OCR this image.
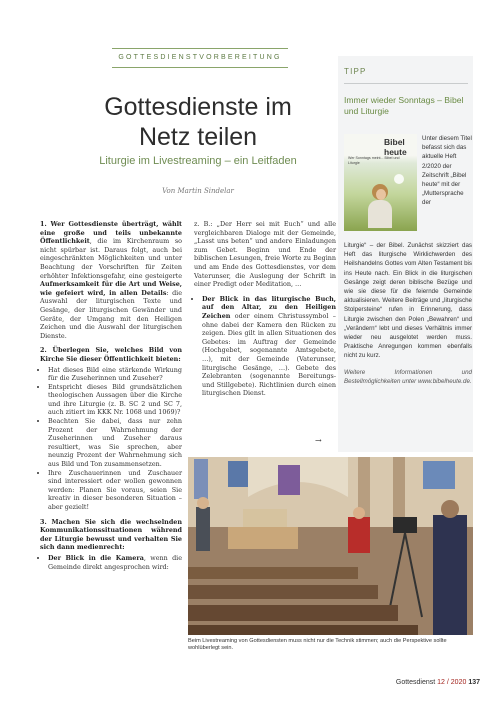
GOTTESDIENSTVORBEREITUNG
Gottesdienste im
Netz teilen
Liturgie im Livestreaming – ein Leitfaden
Von Martin Sindelar

1. Wer Gottesdienste überträgt, wählt eine große und teils unbekannte Öffentlichkeit, die im Kirchenraum so nicht spürbar ist. Daraus folgt, auch bei eingeschränkten Möglichkeiten und unter Beachtung der Vorschriften für Zeiten erhöhter Infektionsgefahr, eine gesteigerte Aufmerksamkeit für die Art und Weise, wie gefeiert wird, in allen Details: die Auswahl der liturgischen Texte und Gesänge, der liturgischen Gewänder und Geräte, der Umgang mit den Heiligen Zeichen und die Auswahl der liturgischen Dienste.

2. Überlegen Sie, welches Bild von Kirche Sie dieser Öffentlichkeit bieten:

• Hat dieses Bild eine stärkende Wirkung für die Zuseherinnen und Zuseher?
• Entspricht dieses Bild grundsätzlichen theologischen Aussagen über die Kirche und ihre Liturgie (z. B. SC 2 und SC 7, auch zitiert im KKK Nr. 1068 und 1069)?
• Beachten Sie dabei, dass nur zehn Prozent der Wahrnehmung der Zuseherinnen und Zuseher daraus resultiert, was Sie sprechen, aber neunzig Prozent der Wahrnehmung sich aus Bild und Ton zusammensetzen.
• Ihre Zuschauerinnen und Zuschauer sind interessiert oder wollen gewonnen werden: Planen Sie voraus, seien Sie kreativ in dieser besonderen Situation – aber gezielt!

3. Machen Sie sich die wechselnden Kommunikationssituationen während der Liturgie bewusst und verhalten Sie sich dann medienrecht:

• Der Blick in die Kamera, wenn die Gemeinde direkt angesprochen wird:

z. B.: „Der Herr sei mit Euch“ und alle vergleichbaren Dialoge mit der Gemeinde, „Lasst uns beten“ und andere Einladungen zum Gebet. Beginn und Ende der biblischen Lesungen, freie Worte zu Beginn und am Ende des Gottesdienstes, vor dem Vaterunser, die Auslegung der Schrift in einer Predigt oder Meditation, …

• Der Blick in das liturgische Buch, auf den Altar, zu den Heiligen Zeichen oder einem Christussymbol – ohne dabei der Kamera den Rücken zu zeigen. Dies gilt in allen Situationen des Gebetes: im Auftrag der Gemeinde (Hochgebet, sogenannte Amtsgebete, …), mit der Gemeinde (Vaterunser, liturgische Gesänge, …). Gebete des Zelebranten (sogenannte Bereitungs- und Stillgebete). Richtlinien durch einen liturgischen Dienst.
→
TIPP
Immer wieder Sonntags – Bibel und Liturgie
Bibel heute
Wer Sonntags meint... Bibel und Liturgie
Unter diesem Titel befasst sich das aktuelle Heft 2/2020 der Zeitschrift „Bibel heute“ mit der „Muttersprache der

Liturgie“ – der Bibel. Zunächst skizziert das Heft das liturgische Wirklichwerden des Heilshandelns Gottes vom Alten Testament bis ins Heute nach. Ein Blick in die liturgischen Gesänge zeigt deren biblische Bezüge und wie sie diese für die feiernde Gemeinde aktualisieren. Weitere Beiträge und „liturgische Stolpersteine“ rufen in Erinnerung, dass Liturgie zwischen den Polen „Bewahren“ und „Verändern“ lebt und dieses Verhältnis immer wieder neu ausgelotet werden muss. Praktische Anregungen kommen ebenfalls nicht zu kurz.

Weitere Informationen und Bestellmöglichkeiten unter www.bibelheute.de.

Beim Livestreaming von Gottesdiensten muss nicht nur die Technik stimmen; auch die Perspektive sollte wohlüberlegt sein.
Gottesdienst 12 / 2020 137
